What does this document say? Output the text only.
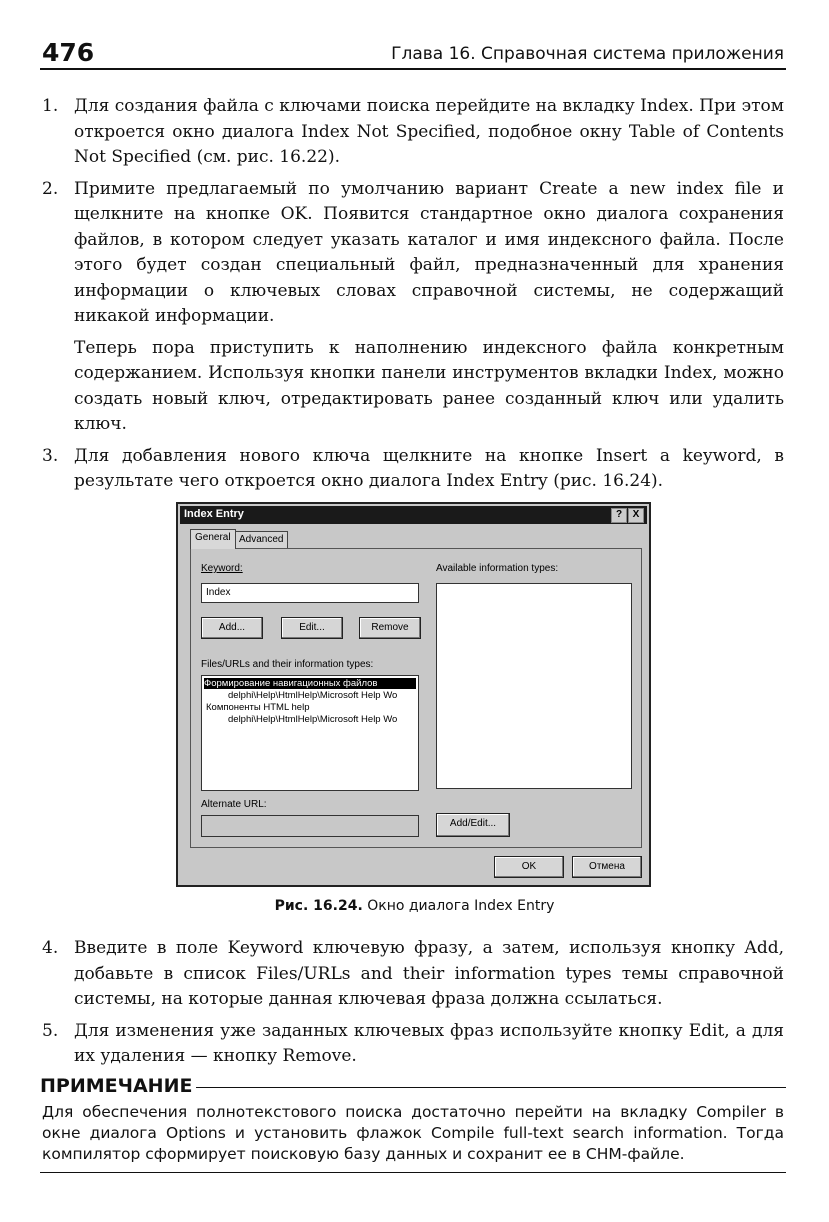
476	Глава 16. Справочная система приложения
1. Для создания файла с ключами поиска перейдите на вкладку Index. При этом откроется окно диалога Index Not Specified, подобное окну Table of Contents Not Specified (см. рис. 16.22).
2. Примите предлагаемый по умолчанию вариант Create a new index file и щелкните на кнопке OK. Появится стандартное окно диалога сохранения файлов, в котором следует указать каталог и имя индексного файла. После этого будет создан специальный файл, предназначенный для хранения информации о ключевых словах справочной системы, не содержащий никакой информации.
Теперь пора приступить к наполнению индексного файла конкретным содержанием. Используя кнопки панели инструментов вкладки Index, можно создать новый ключ, отредактировать ранее созданный ключ или удалить ключ.
3. Для добавления нового ключа щелкните на кнопке Insert a keyword, в результате чего откроется окно диалога Index Entry (рис. 16.24).
Index Entry	?	X
General Advanced
Keyword:
Index
Add...	Edit...	Remove
Files/URLs and their information types:
Формирование навигационных файлов
delphi\Help\HtmlHelp\Microsoft Help Wo
Компоненты HTML help
delphi\Help\HtmlHelp\Microsoft Help Wo
Available information types:
Alternate URL:
Add/Edit...
OK	Отмена
Рис. 16.24. Окно диалога Index Entry
4. Введите в поле Keyword ключевую фразу, а затем, используя кнопку Add, добавьте в список Files/URLs and their information types темы справочной системы, на которые данная ключевая фраза должна ссылаться.
5. Для изменения уже заданных ключевых фраз используйте кнопку Edit, а для их удаления — кнопку Remove.
ПРИМЕЧАНИЕ
Для обеспечения полнотекстового поиска достаточно перейти на вкладку Compiler в окне диалога Options и установить флажок Compile full-text search information. Тогда компилятор сформирует поисковую базу данных и сохранит ее в CHM-файле.
